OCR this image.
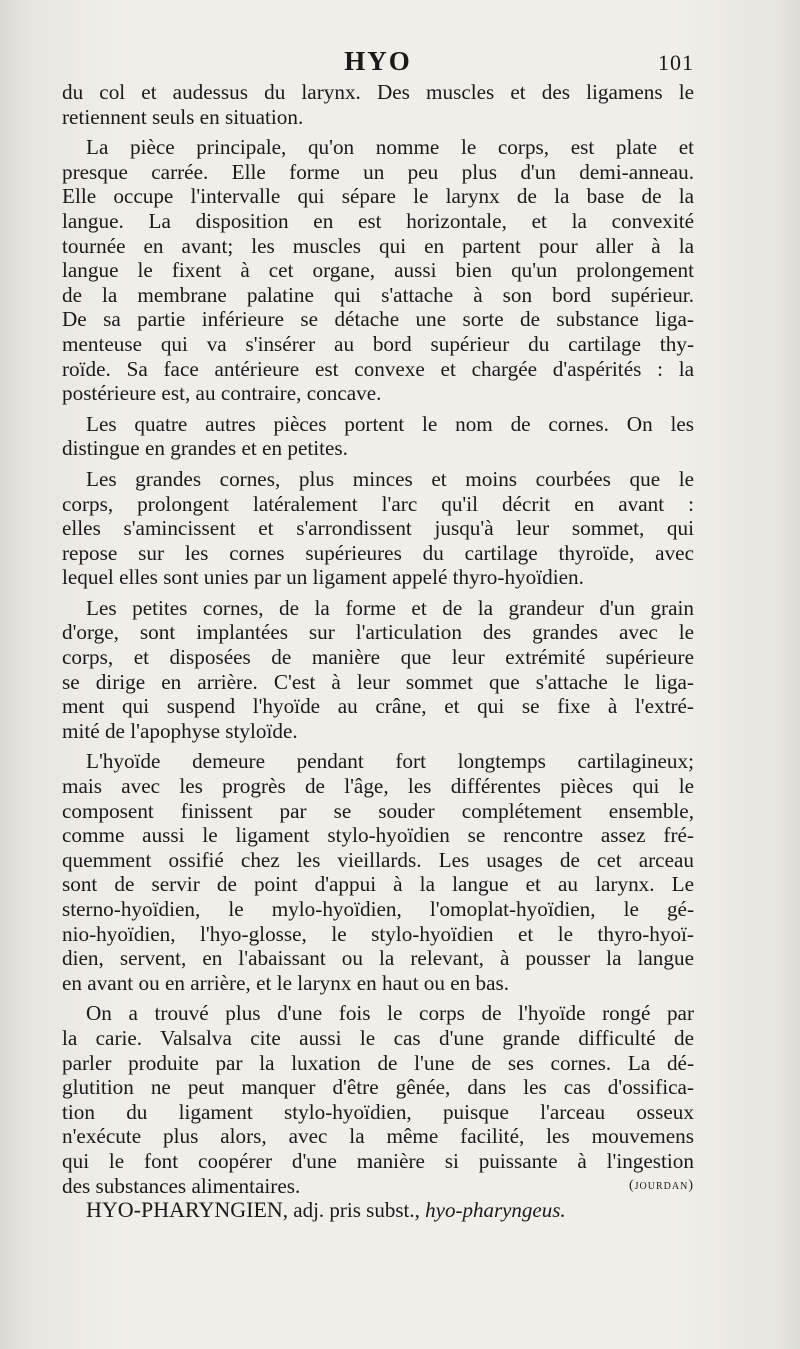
HYO	101
du col et audessus du larynx. Des muscles et des ligamens le
retiennent seuls en situation.
La pièce principale, qu'on nomme le corps, est plate et
presque carrée. Elle forme un peu plus d'un demi-anneau.
Elle occupe l'intervalle qui sépare le larynx de la base de la
langue. La disposition en est horizontale, et la convexité
tournée en avant; les muscles qui en partent pour aller à la
langue le fixent à cet organe, aussi bien qu'un prolongement
de la membrane palatine qui s'attache à son bord supérieur.
De sa partie inférieure se détache une sorte de substance liga-
menteuse qui va s'insérer au bord supérieur du cartilage thy-
roïde. Sa face antérieure est convexe et chargée d'aspérités : la
postérieure est, au contraire, concave.
Les quatre autres pièces portent le nom de cornes. On les
distingue en grandes et en petites.
Les grandes cornes, plus minces et moins courbées que le
corps, prolongent latéralement l'arc qu'il décrit en avant :
elles s'amincissent et s'arrondissent jusqu'à leur sommet, qui
repose sur les cornes supérieures du cartilage thyroïde, avec
lequel elles sont unies par un ligament appelé thyro-hyoïdien.
Les petites cornes, de la forme et de la grandeur d'un grain
d'orge, sont implantées sur l'articulation des grandes avec le
corps, et disposées de manière que leur extrémité supérieure
se dirige en arrière. C'est à leur sommet que s'attache le liga-
ment qui suspend l'hyoïde au crâne, et qui se fixe à l'extré-
mité de l'apophyse styloïde.
L'hyoïde demeure pendant fort longtemps cartilagineux;
mais avec les progrès de l'âge, les différentes pièces qui le
composent finissent par se souder complétement ensemble,
comme aussi le ligament stylo-hyoïdien se rencontre assez fré-
quemment ossifié chez les vieillards. Les usages de cet arceau
sont de servir de point d'appui à la langue et au larynx. Le
sterno-hyoïdien, le mylo-hyoïdien, l'omoplat-hyoïdien, le gé-
nio-hyoïdien, l'hyo-glosse, le stylo-hyoïdien et le thyro-hyoï-
dien, servent, en l'abaissant ou la relevant, à pousser la langue
en avant ou en arrière, et le larynx en haut ou en bas.
On a trouvé plus d'une fois le corps de l'hyoïde rongé par
la carie. Valsalva cite aussi le cas d'une grande difficulté de
parler produite par la luxation de l'une de ses cornes. La dé-
glutition ne peut manquer d'être gênée, dans les cas d'ossifica-
tion du ligament stylo-hyoïdien, puisque l'arceau osseux
n'exécute plus alors, avec la même facilité, les mouvemens
qui le font coopérer d'une manière si puissante à l'ingestion
des substances alimentaires.	(jourdan)
HYO-PHARYNGIEN, adj. pris subst., hyo-pharyngeus.
